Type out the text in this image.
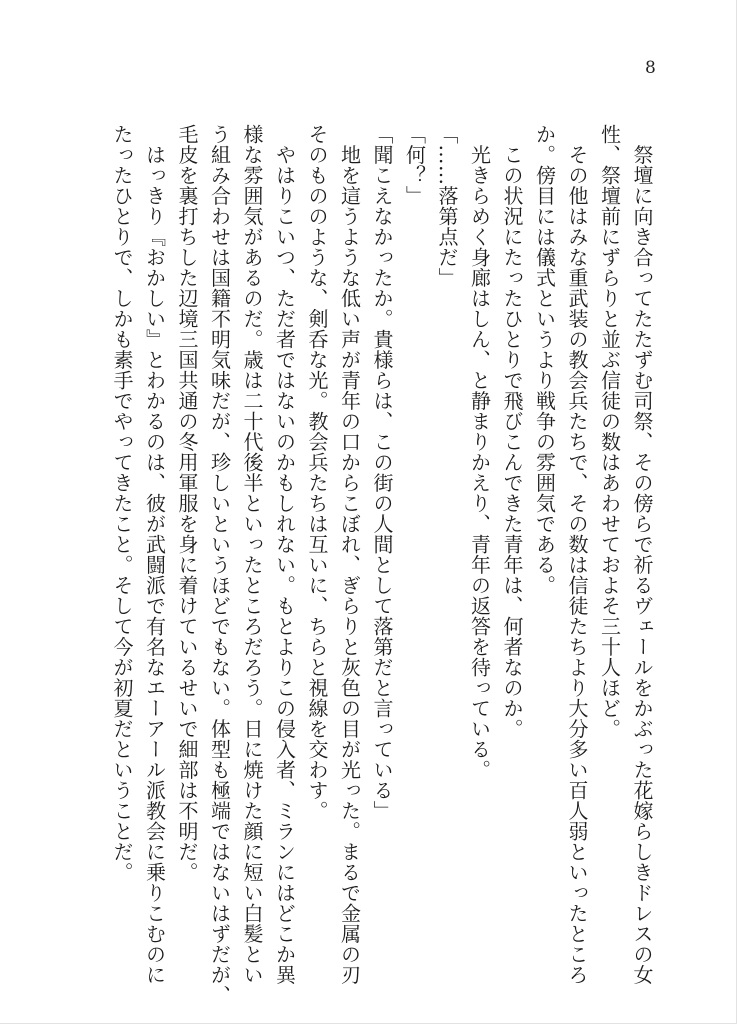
8
　祭壇に向き合ってたたずむ司祭、その傍らで祈るヴェールをかぶった花嫁らしきドレスの女
性、祭壇前にずらりと並ぶ信徒の数はあわせておよそ三十人ほど。
　その他はみな重武装の教会兵たちで、その数は信徒たちより大分多い百人弱といったところ
か。傍目には儀式というより戦争の雰囲気である。
　この状況にたったひとりで飛びこんできた青年は、何者なのか。
　光きらめく身廊はしん、と静まりかえり、青年の返答を待っている。
「……落第点だ」
「何？」
「聞こえなかったか。貴様らは、この街の人間として落第だと言っている」
　地を這うような低い声が青年の口からこぼれ、ぎらりと灰色の目が光った。まるで金属の刃
そのもののような、剣呑な光。教会兵たちは互いに、ちらと視線を交わす。
　やはりこいつ、ただ者ではないのかもしれない。もとよりこの侵入者、ミランにはどこか異
様な雰囲気があるのだ。歳は二十代後半といったところだろう。日に焼けた顔に短い白髪とい
う組み合わせは国籍不明気味だが、珍しいというほどでもない。体型も極端ではないはずだが、
毛皮を裏打ちした辺境三国共通の冬用軍服を身に着けているせいで細部は不明だ。
　はっきり『おかしい』とわかるのは、彼が武闘派で有名なエーアール派教会に乗りこむのに
たったひとりで、しかも素手でやってきたこと。そして今が初夏だということだ。
